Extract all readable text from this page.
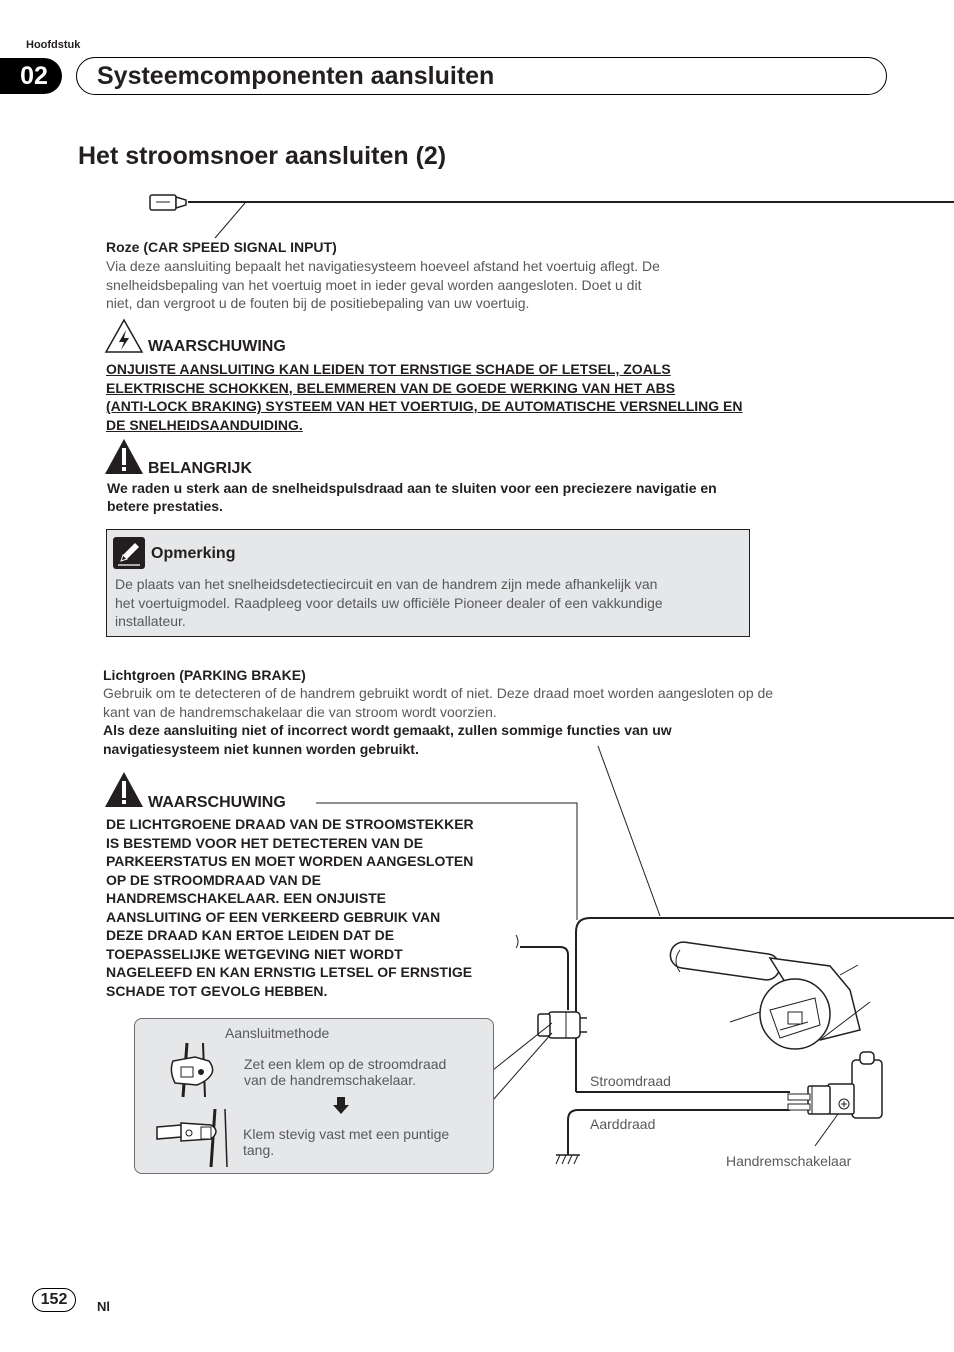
Hoofdstuk
02	Systeemcomponenten aansluiten
Het stroomsnoer aansluiten (2)
Roze (CAR SPEED SIGNAL INPUT)
Via deze aansluiting bepaalt het navigatiesysteem hoeveel afstand het voertuig aflegt. De
snelheidsbepaling van het voertuig moet in ieder geval worden aangesloten. Doet u dit
niet, dan vergroot u de fouten bij de positiebepaling van uw voertuig.
WAARSCHUWING
ONJUISTE AANSLUITING KAN LEIDEN TOT ERNSTIGE SCHADE OF LETSEL, ZOALS
ELEKTRISCHE SCHOKKEN, BELEMMEREN VAN DE GOEDE WERKING VAN HET ABS
(ANTI-LOCK BRAKING) SYSTEEM VAN HET VOERTUIG, DE AUTOMATISCHE VERSNELLING EN
DE SNELHEIDSAANDUIDING.
BELANGRIJK
We raden u sterk aan de snelheidspulsdraad aan te sluiten voor een preciezere navigatie en
betere prestaties.
Opmerking
De plaats van het snelheidsdetectiecircuit en van de handrem zijn mede afhankelijk van
het voertuigmodel. Raadpleeg voor details uw officiële Pioneer dealer of een vakkundige
installateur.
Lichtgroen (PARKING BRAKE)
Gebruik om te detecteren of de handrem gebruikt wordt of niet. Deze draad moet worden aangesloten op de
kant van de handremschakelaar die van stroom wordt voorzien.
Als deze aansluiting niet of incorrect wordt gemaakt, zullen sommige functies van uw
navigatiesysteem niet kunnen worden gebruikt.
WAARSCHUWING
DE LICHTGROENE DRAAD VAN DE STROOMSTEKKER
IS BESTEMD VOOR HET DETECTEREN VAN DE
PARKEERSTATUS EN MOET WORDEN AANGESLOTEN
OP DE STROOMDRAAD VAN DE
HANDREMSCHAKELAAR. EEN ONJUISTE
AANSLUITING OF EEN VERKEERD GEBRUIK VAN
DEZE DRAAD KAN ERTOE LEIDEN DAT DE
TOEPASSELIJKE WETGEVING NIET WORDT
NAGELEEFD EN KAN ERNSTIG LETSEL OF ERNSTIGE
SCHADE TOT GEVOLG HEBBEN.
Stroomdraad
Aarddraad
Handremschakelaar
Aansluitmethode
Zet een klem op de stroomdraad
van de handremschakelaar.
Klem stevig vast met een puntige
tang.
152	Nl
